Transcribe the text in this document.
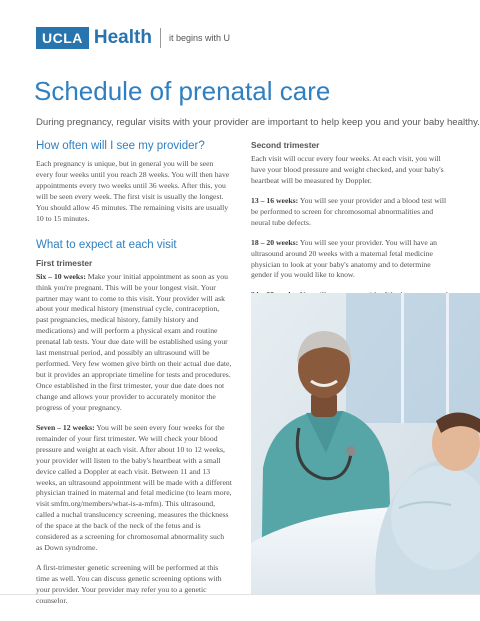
UCLA Health	it begins with U
Schedule of prenatal care

During pregnancy, regular visits with your provider are important to help keep you and your baby healthy.

How often will I see my provider?

Each pregnancy is unique, but in general you will be seen every four weeks until you reach 28 weeks. You will then have appointments every two weeks until 36 weeks. After this, you will be seen every week. The first visit is usually the longest. You should allow 45 minutes. The remaining visits are usually 10 to 15 minutes.

What to expect at each visit
First trimester

Six – 10 weeks: Make your initial appointment as soon as you think you're pregnant. This will be your longest visit. Your partner may want to come to this visit. Your provider will ask about your medical history (menstrual cycle, contraception, past pregnancies, medical history, family history and medications) and will perform a physical exam and routine prenatal lab tests. Your due date will be established using your last menstrual period, and possibly an ultrasound will be performed. Very few women give birth on their actual due date, but it provides an appropriate timeline for tests and procedures. Once established in the first trimester, your due date does not change and allows your provider to accurately monitor the progress of your pregnancy.

Seven – 12 weeks: You will be seen every four weeks for the remainder of your first trimester. We will check your blood pressure and weight at each visit. After about 10 to 12 weeks, your provider will listen to the baby's heartbeat with a small device called a Doppler at each visit. Between 11 and 13 weeks, an ultrasound appointment will be made with a different physician trained in maternal and fetal medicine (to learn more, visit smfm.org/members/what-is-a-mfm). This ultrasound, called a nuchal translucency screening, measures the thickness of the space at the back of the neck of the fetus and is considered as a screening for chromosomal abnormality such as Down syndrome.

A first-trimester genetic screening will be performed at this time as well. You can discuss genetic screening options with your provider. Your provider may refer you to a genetic counselor.

Second trimester

Each visit will occur every four weeks. At each visit, you will have your blood pressure and weight checked, and your baby's heartbeat will be measured by Doppler.

13 – 16 weeks: You will see your provider and a blood test will be performed to screen for chromosomal abnormalities and neural tube defects.

18 – 20 weeks: You will see your provider. You will have an ultrasound around 20 weeks with a maternal fetal medicine physician to look at your baby's anatomy and to determine gender if you would like to know.
